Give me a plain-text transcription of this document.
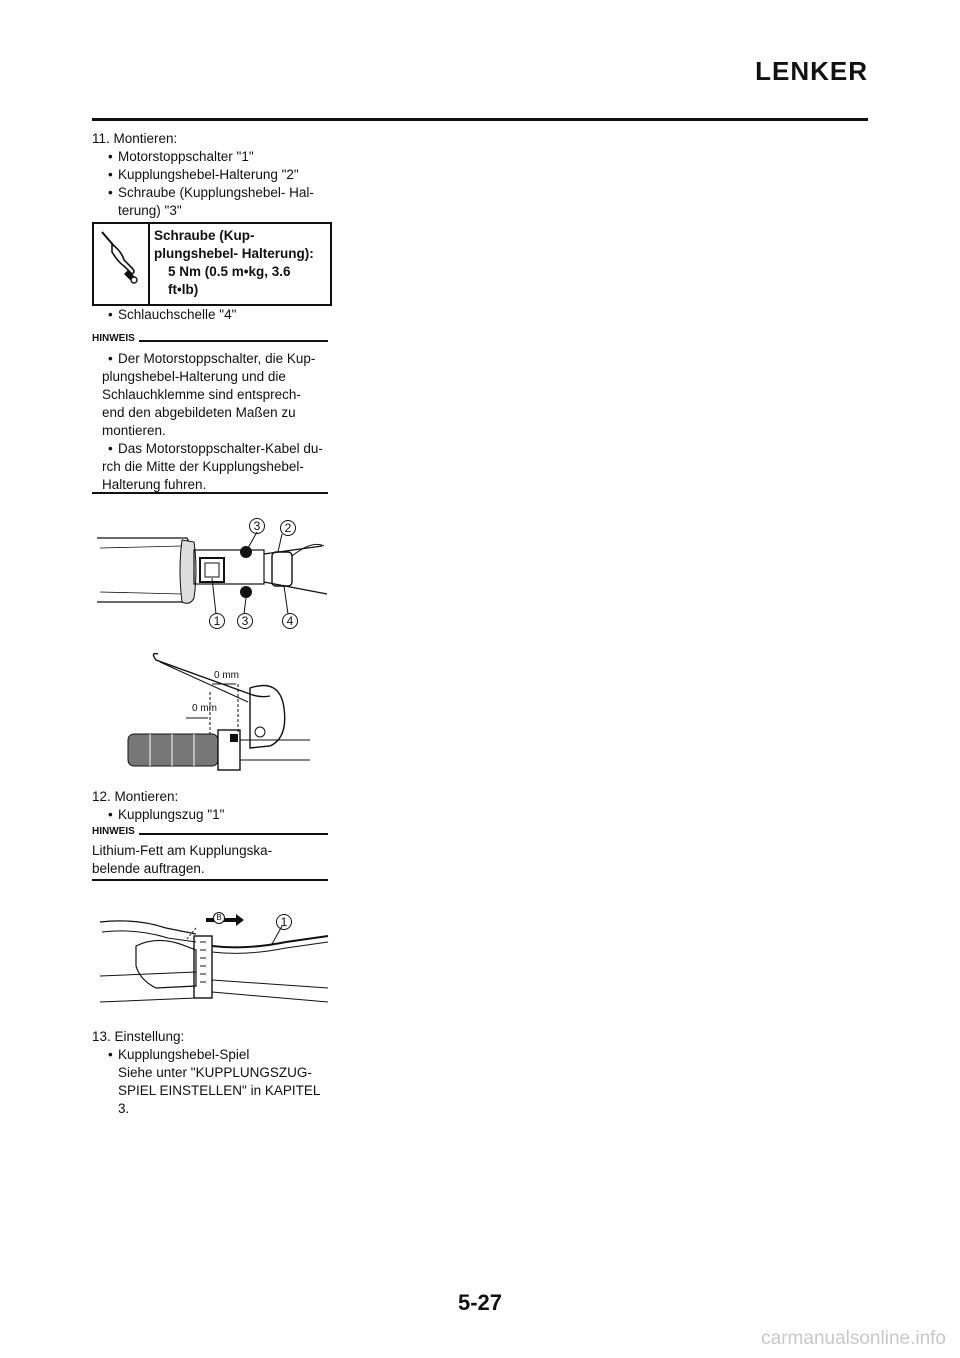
LENKER

11. Montieren:

• Motorstoppschalter "1"

• Kupplungshebel-Halterung "2"

• Schraube (Kupplungshebel- Hal-

terung) "3"

Schraube (Kup-
plungshebel- Halterung):
5 Nm (0.5 m•kg, 3.6
ft•lb)

• Schlauchschelle "4"

HINWEIS

• Der Motorstoppschalter, die Kup-

plungshebel-Halterung und die

Schlauchklemme sind entsprech-

end den abgebildeten Maßen zu

montieren.

• Das Motorstoppschalter-Kabel du-

rch die Mitte der Kupplungshebel-

Halterung fuhren.

3	2
1	3	4
0 mm
0 mm

12. Montieren:

• Kupplungszug "1"

HINWEIS

Lithium-Fett am Kupplungska-

belende auftragen.

B	1

13. Einstellung:

• Kupplungshebel-Spiel

Siehe unter "KUPPLUNGSZUG-

SPIEL EINSTELLEN" in KAPITEL

3.

5-27
carmanualsonline.info
